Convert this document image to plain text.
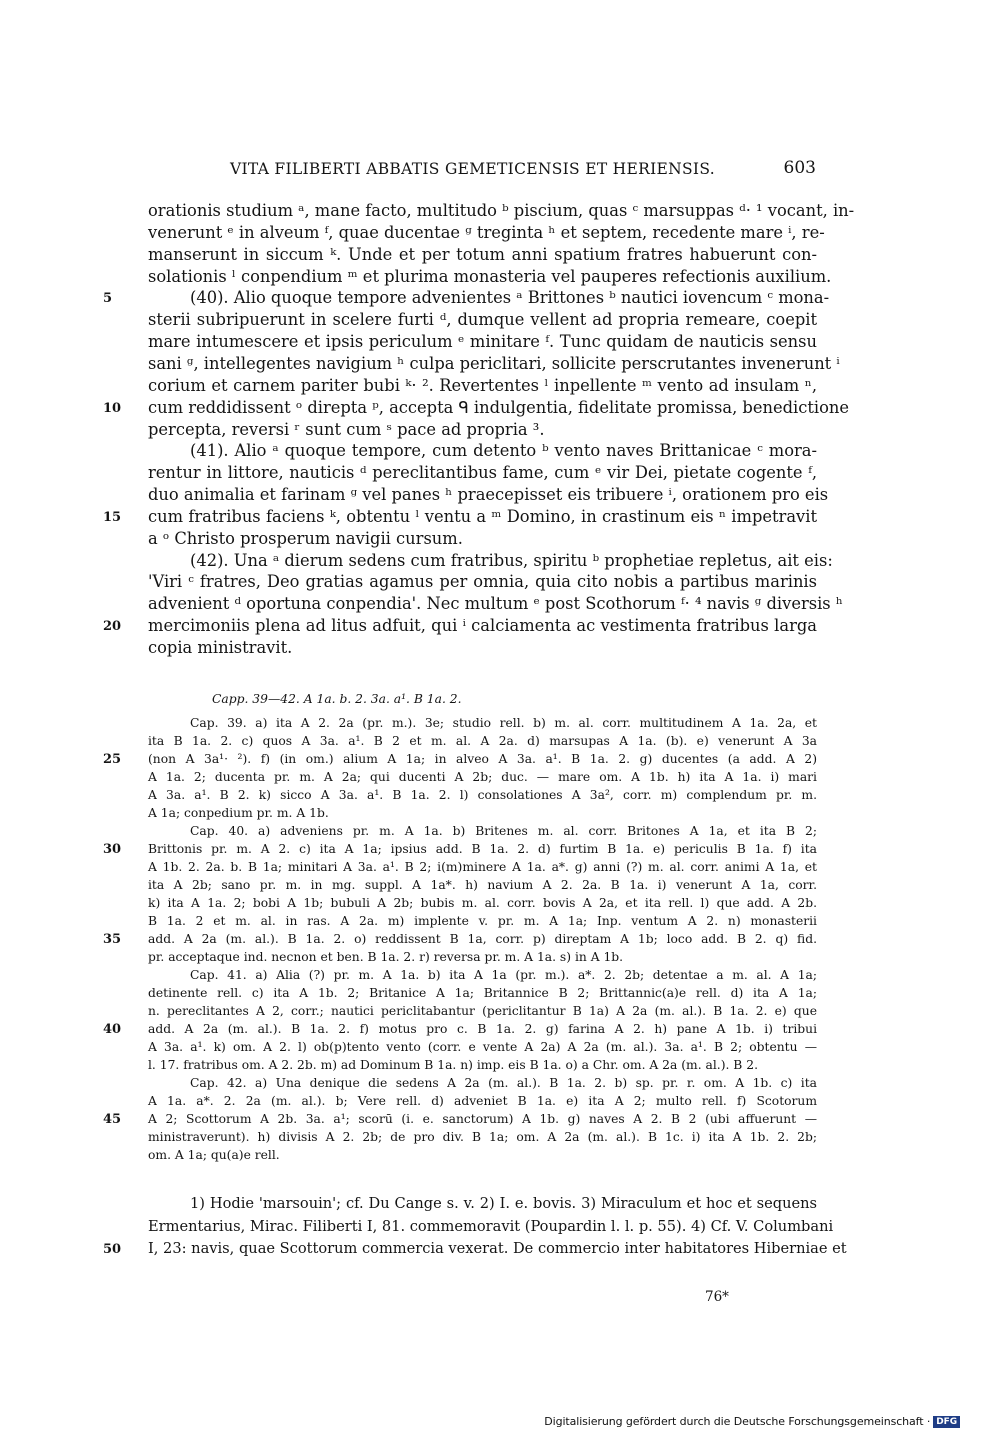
VITA FILIBERTI ABBATIS GEMETICENSIS ET HERIENSIS.	603
orationis studium ᵃ, mane facto, multitudo ᵇ piscium, quas ᶜ marsuppas ᵈ· ¹ vocant, in-
venerunt ᵉ in alveum ᶠ, quae ducentae ᵍ treginta ʰ et septem, recedente mare ⁱ, re-
manserunt in siccum ᵏ. Unde et per totum anni spatium fratres habuerunt con-
solationis ˡ conpendium ᵐ et plurima monasteria vel pauperes refectionis auxilium.
(40). Alio quoque tempore advenientes ᵃ Brittones ᵇ nautici iovencum ᶜ mona-
5
sterii subripuerunt in scelere furti ᵈ, dumque vellent ad propria remeare, coepit
mare intumescere et ipsis periculum ᵉ minitare ᶠ. Tunc quidam de nauticis sensu
sani ᵍ, intellegentes navigium ʰ culpa periclitari, sollicite perscrutantes invenerunt ⁱ
corium et carnem pariter bubi ᵏ· ². Revertentes ˡ inpellente ᵐ vento ad insulam ⁿ,
cum reddidissent ᵒ direpta ᵖ, accepta ᑫ indulgentia, fidelitate promissa, benedictione
10
percepta, reversi ʳ sunt cum ˢ pace ad propria ³.
(41). Alio ᵃ quoque tempore, cum detento ᵇ vento naves Brittanicae ᶜ mora-
rentur in littore, nauticis ᵈ pereclitantibus fame, cum ᵉ vir Dei, pietate cogente ᶠ,
duo animalia et farinam ᵍ vel panes ʰ praecepisset eis tribuere ⁱ, orationem pro eis
cum fratribus faciens ᵏ, obtentu ˡ ventu a ᵐ Domino, in crastinum eis ⁿ impetravit
15
a ᵒ Christo prosperum navigii cursum.
(42). Una ᵃ dierum sedens cum fratribus, spiritu ᵇ prophetiae repletus, ait eis:
'Viri ᶜ fratres, Deo gratias agamus per omnia, quia cito nobis a partibus marinis
advenient ᵈ oportuna conpendia'. Nec multum ᵉ post Scothorum ᶠ· ⁴ navis ᵍ diversis ʰ
mercimoniis plena ad litus adfuit, qui ⁱ calciamenta ac vestimenta fratribus larga
20
copia ministravit.
Capp. 39—42. A 1a. b. 2. 3a. a¹. B 1a. 2.
Cap. 39. a) ita A 2. 2a (pr. m.). 3e; studio rell. b) m. al. corr. multitudinem A 1a. 2a, et
ita B 1a. 2. c) quos A 3a. a¹. B 2 et m. al. A 2a. d) marsupas A 1a. (b). e) venerunt A 3a
(non A 3a¹· ²). f) (in om.) alium A 1a; in alveo A 3a. a¹. B 1a. 2. g) ducentes (a add. A 2)
25
A 1a. 2; ducenta pr. m. A 2a; qui ducenti A 2b; duc. — mare om. A 1b. h) ita A 1a. i) mari
A 3a. a¹. B 2. k) sicco A 3a. a¹. B 1a. 2. l) consolationes A 3a², corr. m) complendum pr. m.
A 1a; conpedium pr. m. A 1b.
Cap. 40. a) adveniens pr. m. A 1a. b) Britenes m. al. corr. Britones A 1a, et ita B 2;
Brittonis pr. m. A 2. c) ita A 1a; ipsius add. B 1a. 2. d) furtim B 1a. e) periculis B 1a. f) ita
30
A 1b. 2. 2a. b. B 1a; minitari A 3a. a¹. B 2; i(m)minere A 1a. a*. g) anni (?) m. al. corr. animi A 1a, et
ita A 2b; sano pr. m. in mg. suppl. A 1a*. h) navium A 2. 2a. B 1a. i) venerunt A 1a, corr.
k) ita A 1a. 2; bobi A 1b; bubuli A 2b; bubis m. al. corr. bovis A 2a, et ita rell. l) que add. A 2b.
B 1a. 2 et m. al. in ras. A 2a. m) implente v. pr. m. A 1a; Inp. ventum A 2. n) monasterii
add. A 2a (m. al.). B 1a. 2. o) reddissent B 1a, corr. p) direptam A 1b; loco add. B 2. q) fid.
35
pr. acceptaque ind. necnon et ben. B 1a. 2. r) reversa pr. m. A 1a. s) in A 1b.
Cap. 41. a) Alia (?) pr. m. A 1a. b) ita A 1a (pr. m.). a*. 2. 2b; detentae a m. al. A 1a;
detinente rell. c) ita A 1b. 2; Britanice A 1a; Britannice B 2; Brittannic(a)e rell. d) ita A 1a;
n. pereclitantes A 2, corr.; nautici periclitabantur (periclitantur B 1a) A 2a (m. al.). B 1a. 2. e) que
add. A 2a (m. al.). B 1a. 2. f) motus pro c. B 1a. 2. g) farina A 2. h) pane A 1b. i) tribui
40
A 3a. a¹. k) om. A 2. l) ob(p)tento vento (corr. e vente A 2a) A 2a (m. al.). 3a. a¹. B 2; obtentu —
l. 17. fratribus om. A 2. 2b. m) ad Dominum B 1a. n) imp. eis B 1a. o) a Chr. om. A 2a (m. al.). B 2.
Cap. 42. a) Una denique die sedens A 2a (m. al.). B 1a. 2. b) sp. pr. r. om. A 1b. c) ita
A 1a. a*. 2. 2a (m. al.). b; Vere rell. d) adveniet B 1a. e) ita A 2; multo rell. f) Scotorum
A 2; Scottorum A 2b. 3a. a¹; scorū (i. e. sanctorum) A 1b. g) naves A 2. B 2 (ubi affuerunt —
45
ministraverunt). h) divisis A 2. 2b; de pro div. B 1a; om. A 2a (m. al.). B 1c. i) ita A 1b. 2. 2b;
om. A 1a; qu(a)e rell.
1) Hodie 'marsouin'; cf. Du Cange s. v. 2) I. e. bovis. 3) Miraculum et hoc et sequens
Ermentarius, Mirac. Filiberti I, 81. commemoravit (Poupardin l. l. p. 55). 4) Cf. V. Columbani
I, 23: navis, quae Scottorum commercia vexerat. De commercio inter habitatores Hiberniae et
50
76*
Digitalisierung gefördert durch die Deutsche Forschungsgemeinschaft · DFG
